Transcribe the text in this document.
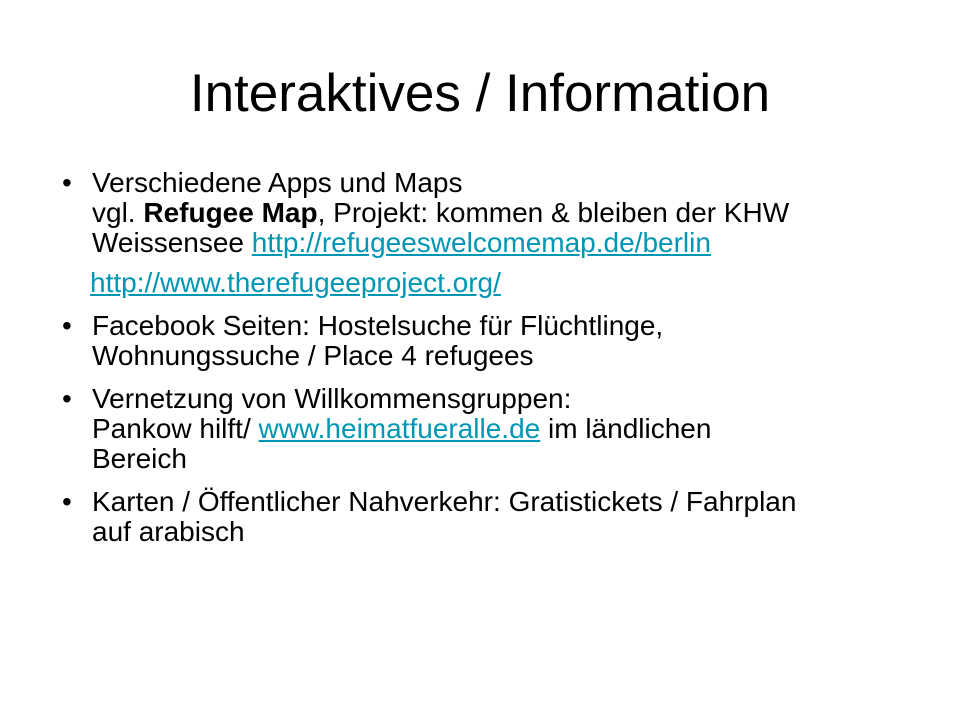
Interaktives / Information
• Verschiedene Apps und Maps
vgl. Refugee Map, Projekt: kommen & bleiben der KHW
Weissensee http://refugeeswelcomemap.de/berlin
http://www.therefugeeproject.org/
• Facebook Seiten: Hostelsuche für Flüchtlinge,
Wohnungssuche / Place 4 refugees
• Vernetzung von Willkommensgruppen:
Pankow hilft/ www.heimatfueralle.de im ländlichen
Bereich
• Karten / Öffentlicher Nahverkehr: Gratistickets / Fahrplan
auf arabisch
